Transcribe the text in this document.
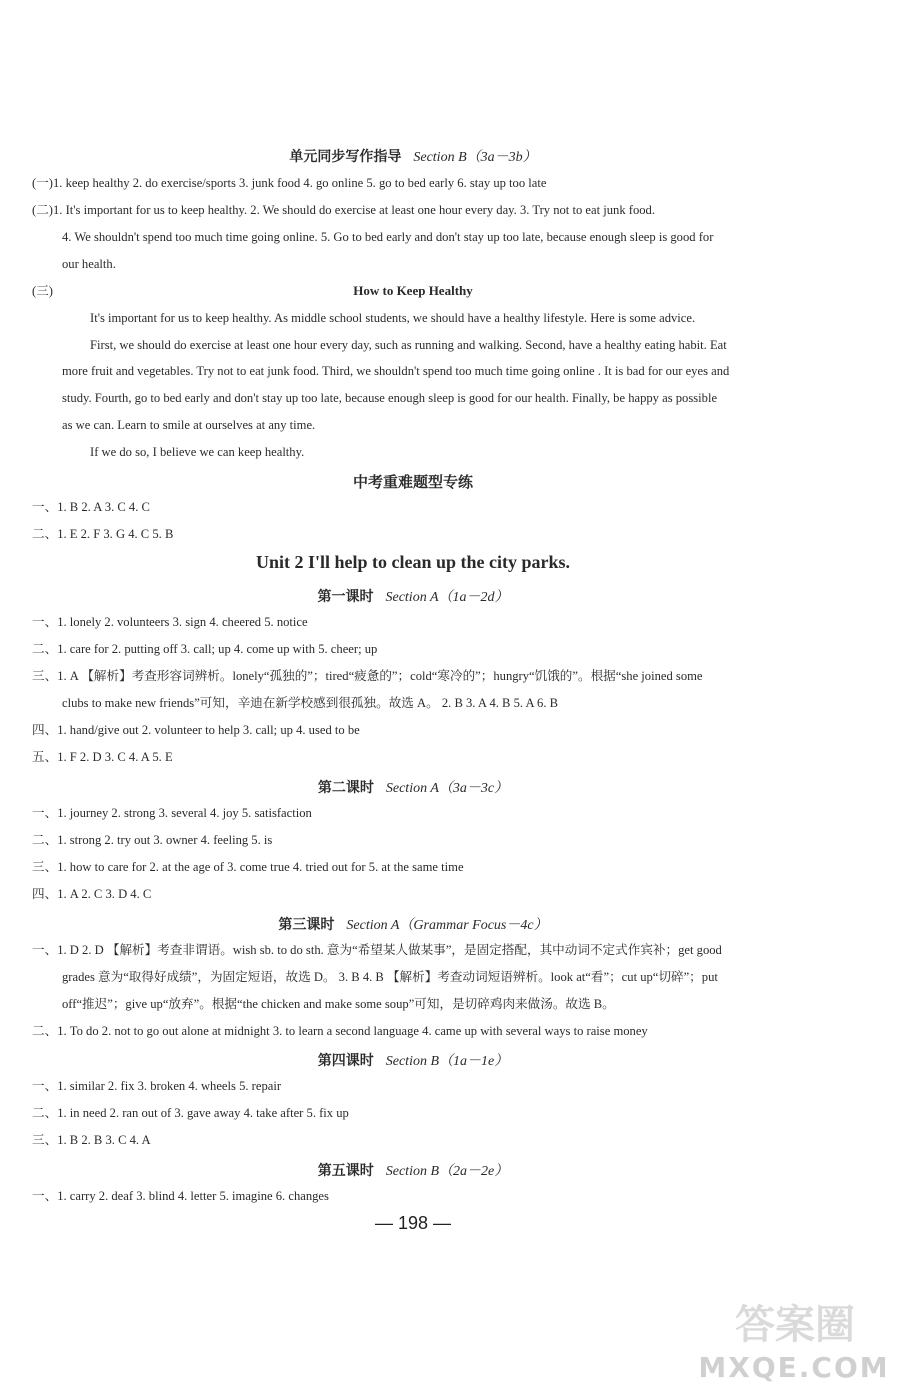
单元同步写作指导 Section B（3a－3b）
(一)1. keep healthy 2. do exercise/sports 3. junk food 4. go online 5. go to bed early 6. stay up too late
(二)1. It's important for us to keep healthy. 2. We should do exercise at least one hour every day. 3. Try not to eat junk food.
4. We shouldn't spend too much time going online. 5. Go to bed early and don't stay up too late, because enough sleep is good for
our health.
(三)	How to Keep Healthy
It's important for us to keep healthy. As middle school students, we should have a healthy lifestyle. Here is some advice.
First, we should do exercise at least one hour every day, such as running and walking. Second, have a healthy eating habit. Eat
more fruit and vegetables. Try not to eat junk food. Third, we shouldn't spend too much time going online . It is bad for our eyes and
study. Fourth, go to bed early and don't stay up too late, because enough sleep is good for our health. Finally, be happy as possible
as we can. Learn to smile at ourselves at any time.
If we do so, I believe we can keep healthy.
中考重难题型专练
一、1. B 2. A 3. C 4. C
二、1. E 2. F 3. G 4. C 5. B
Unit 2 I'll help to clean up the city parks.
第一课时 Section A（1a－2d）
一、1. lonely 2. volunteers 3. sign 4. cheered 5. notice
二、1. care for 2. putting off 3. call; up 4. come up with 5. cheer; up
三、1. A 【解析】考查形容词辨析。lonely“孤独的”；tired“疲惫的”；cold“寒冷的”；hungry“饥饿的”。根据“she joined some
clubs to make new friends”可知，辛迪在新学校感到很孤独。故选 A。 2. B 3. A 4. B 5. A 6. B
四、1. hand/give out 2. volunteer to help 3. call; up 4. used to be
五、1. F 2. D 3. C 4. A 5. E
第二课时 Section A（3a－3c）
一、1. journey 2. strong 3. several 4. joy 5. satisfaction
二、1. strong 2. try out 3. owner 4. feeling 5. is
三、1. how to care for 2. at the age of 3. come true 4. tried out for 5. at the same time
四、1. A 2. C 3. D 4. C
第三课时 Section A（Grammar Focus－4c）
一、1. D 2. D 【解析】考查非谓语。wish sb. to do sth. 意为“希望某人做某事”，是固定搭配，其中动词不定式作宾补；get good
grades 意为“取得好成绩”，为固定短语，故选 D。 3. B 4. B 【解析】考查动词短语辨析。look at“看”；cut up“切碎”；put
off“推迟”；give up“放弃”。根据“the chicken and make some soup”可知，是切碎鸡肉来做汤。故选 B。
二、1. To do 2. not to go out alone at midnight 3. to learn a second language 4. came up with several ways to raise money
第四课时 Section B（1a－1e）
一、1. similar 2. fix 3. broken 4. wheels 5. repair
二、1. in need 2. ran out of 3. gave away 4. take after 5. fix up
三、1. B 2. B 3. C 4. A
第五课时 Section B（2a－2e）
一、1. carry 2. deaf 3. blind 4. letter 5. imagine 6. changes
— 198 —
答案圈
MXQE.COM
